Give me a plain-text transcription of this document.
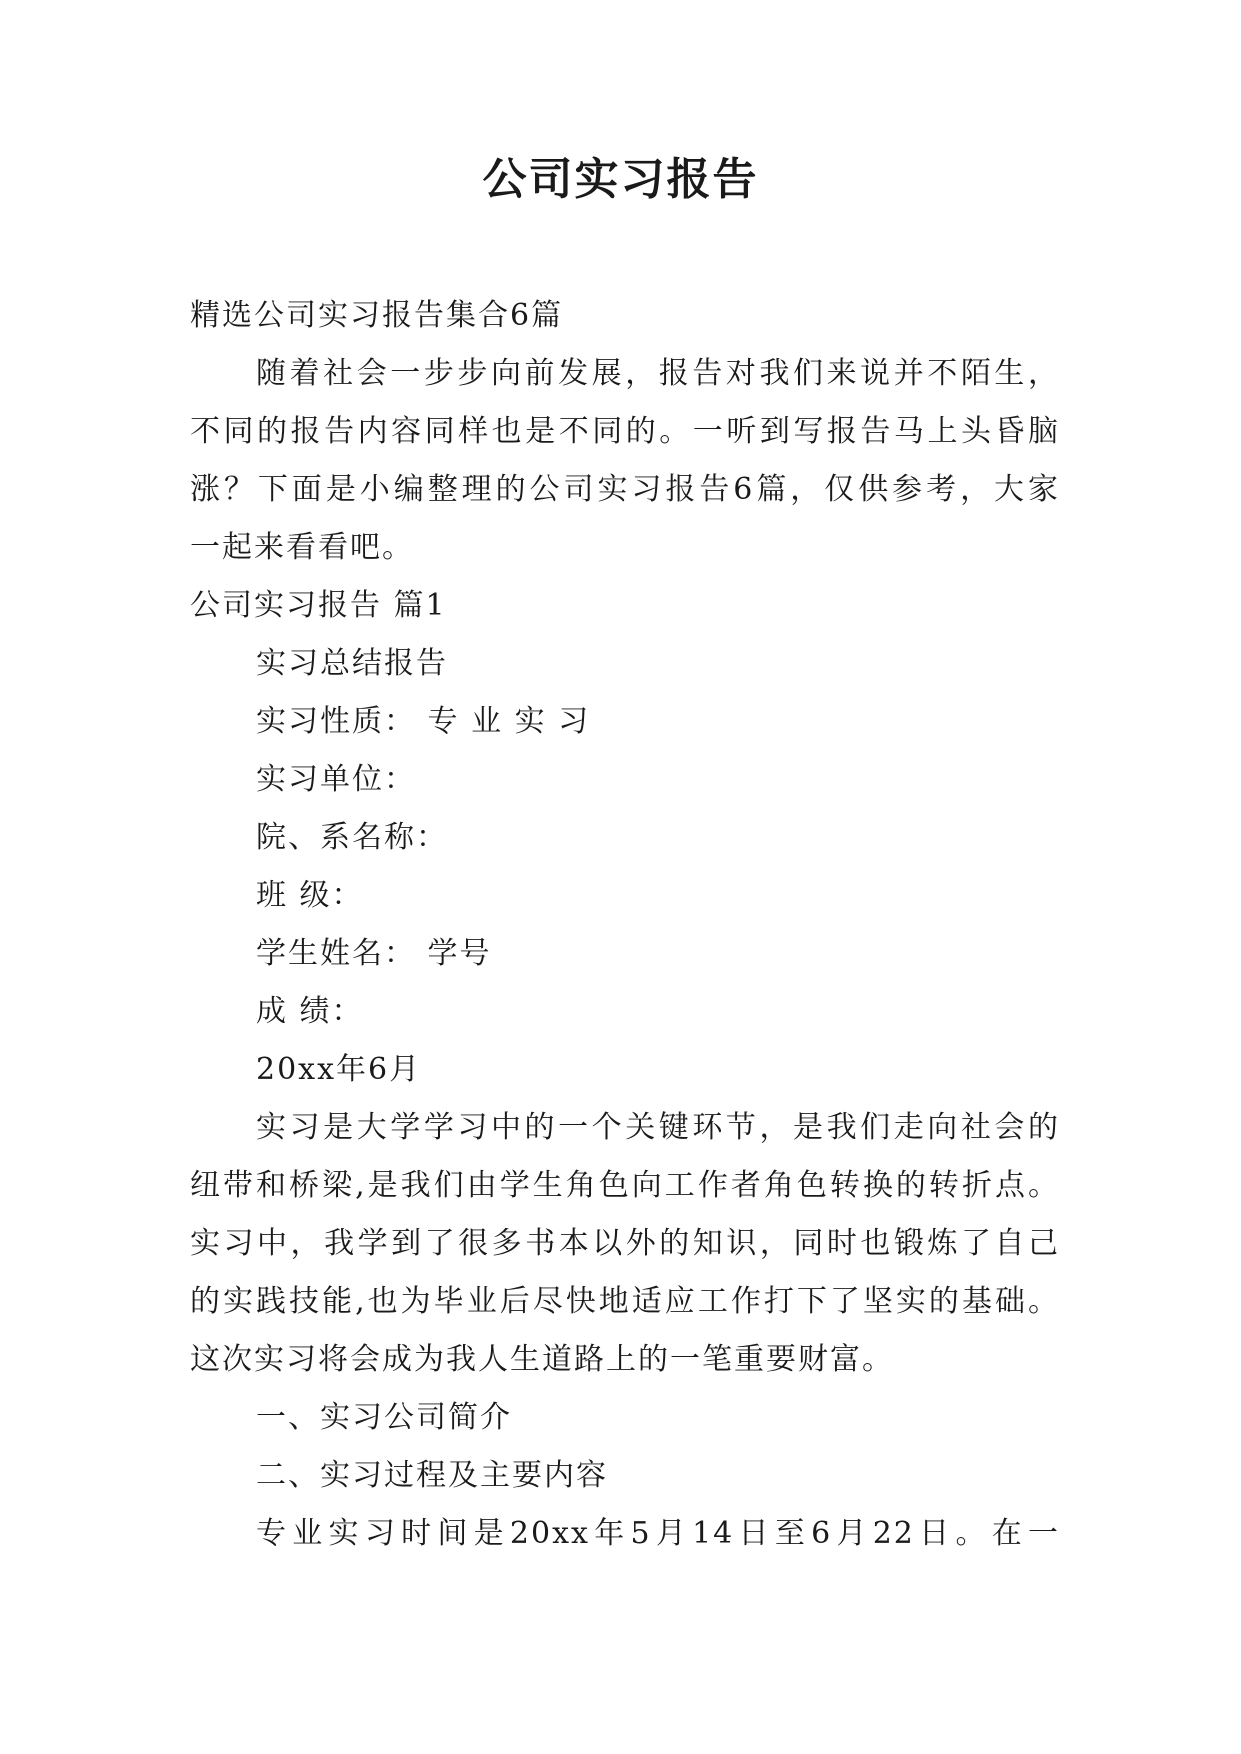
公司实习报告
精选公司实习报告集合6篇
随着社会一步步向前发展，报告对我们来说并不陌生，
不同的报告内容同样也是不同的。一听到写报告马上头昏脑
涨？下面是小编整理的公司实习报告6篇，仅供参考，大家
一起来看看吧。
公司实习报告 篇1
实习总结报告
实习性质： 专 业 实 习
实习单位：
院、系名称：
班 级：
学生姓名： 学号
成 绩：
20xx年6月
实习是大学学习中的一个关键环节，是我们走向社会的
纽带和桥梁,是我们由学生角色向工作者角色转换的转折点。
实习中，我学到了很多书本以外的知识，同时也锻炼了自己
的实践技能,也为毕业后尽快地适应工作打下了坚实的基础。
这次实习将会成为我人生道路上的一笔重要财富。
一、实习公司简介
二、实习过程及主要内容
专业实习时间是20xx年5月14日至6月22日。在一
